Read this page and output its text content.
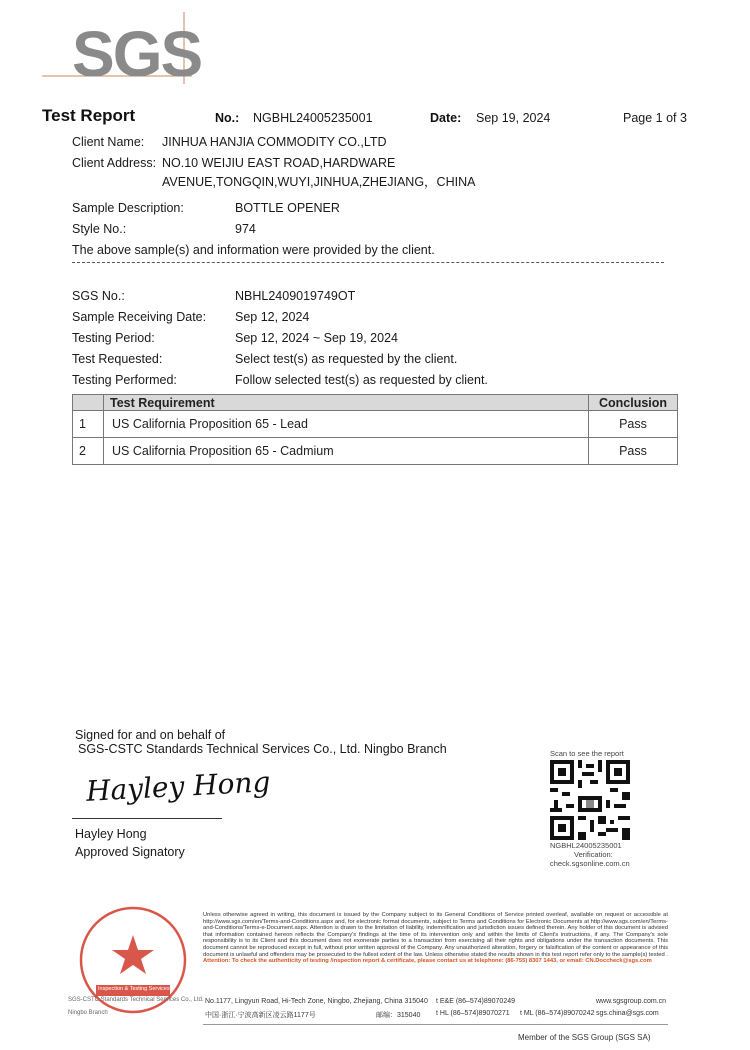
SGS
Test Report	No.: NGBHL24005235001	Date: Sep 19, 2024	Page 1 of 3
Client Name: JINHUA HANJIA COMMODITY CO.,LTD
Client Address: NO.10 WEIJIU EAST ROAD,HARDWARE
AVENUE,TONGQIN,WUYI,JINHUA,ZHEJIANG，CHINA
Sample Description:	BOTTLE OPENER
Style No.:	974
The above sample(s) and information were provided by the client.
SGS No.:	NBHL2409019749OT
Sample Receiving Date: Sep 12, 2024
Testing Period:	Sep 12, 2024 ~ Sep 19, 2024
Test Requested:	Select test(s) as requested by the client.
Testing Performed:	Follow selected test(s) as requested by client.
	Test Requirement	Conclusion
1	US California Proposition 65 - Lead	Pass
2	US California Proposition 65 - Cadmium	Pass
Signed for and on behalf of
SGS-CSTC Standards Technical Services Co., Ltd. Ningbo Branch
Hayley Hong
Hayley Hong
Approved Signatory
Scan to see the report
NGBHL24005235001
Verification:
check.sgsonline.com.cn
Inspection & Testing Services
SGS-CSTC Standards Technical Services Co., Ltd.
Ningbo Branch
Unless otherwise agreed in writing, this document is issued by the Company subject to its General Conditions of Service printed overleaf, available on request or accessible at http://www.sgs.com/en/Terms-and-Conditions.aspx and, for electronic format documents, subject to Terms and Conditions for Electronic Documents at http://www.sgs.com/en/Terms-and-Conditions/Terms-e-Document.aspx. Attention is drawn to the limitation of liability, indemnification and jurisdiction issues defined therein. Any holder of this document is advised that information contained hereon reflects the Company's findings at the time of its intervention only and within the limits of Client's instructions, if any. The Company's sole responsibility is to its Client and this document does not exonerate parties to a transaction from exercising all their rights and obligations under the transaction documents. This document cannot be reproduced except in full, without prior written approval of the Company. Any unauthorized alteration, forgery or falsification of the content or appearance of this document is unlawful and offenders may be prosecuted to the fullest extent of the law. Unless otherwise stated the results shown in this test report refer only to the sample(s) tested . Attention: To check the authenticity of testing /inspection report & certificate, please contact us at telephone: (86-755) 8307 1443, or email: CN.Doccheck@sgs.com
No.1177, Lingyun Road, Hi-Tech Zone, Ningbo, Zhejiang, China 315040 t E&E (86–574)89070249	www.sgsgroup.com.cn
中国·浙江·宁波高新区凌云路1177号	邮编：315040 t HL (86–574)89070271 t ML (86–574)89070242 sgs.china@sgs.com
Member of the SGS Group (SGS SA)
